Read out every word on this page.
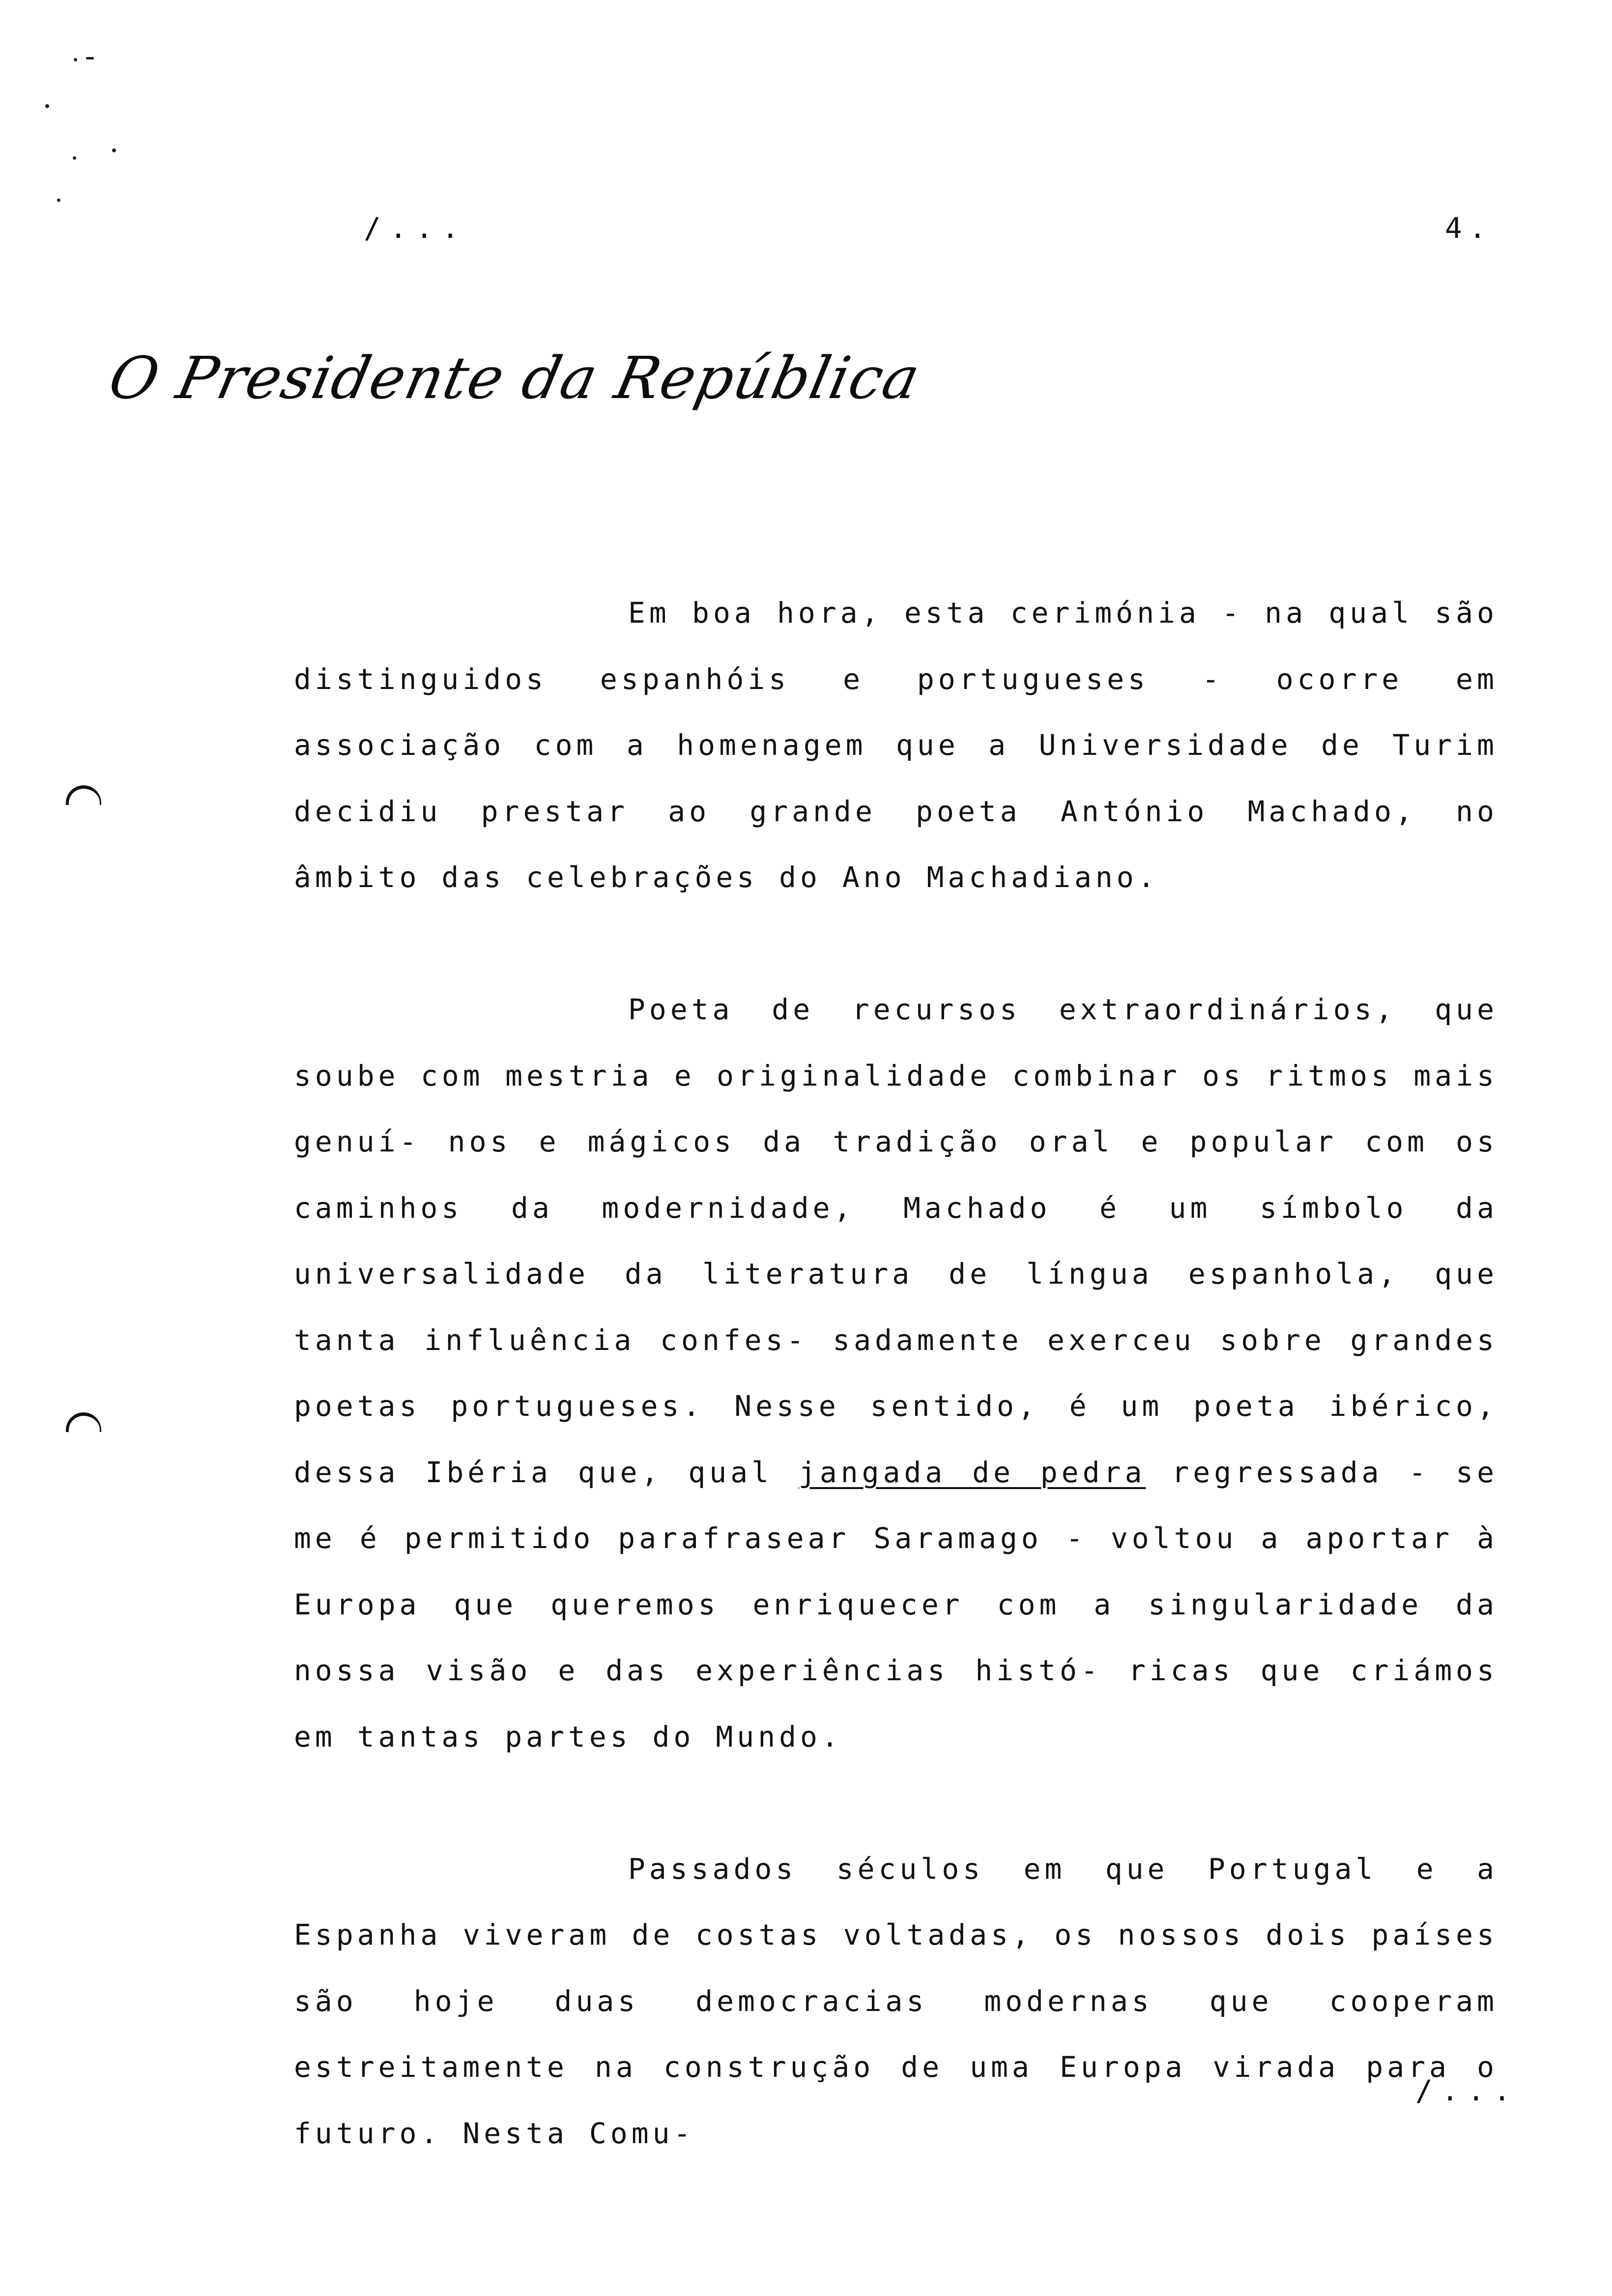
/...	4.
O Presidente da República

Em boa hora, esta cerimónia - na qual são distinguidos espanhóis e portugueses - ocorre em associação com a homenagem que a Universidade de Turim decidiu prestar ao grande poeta António Machado, no âmbito das celebrações do Ano Machadiano.

Poeta de recursos extraordinários, que soube com mestria e originalidade combinar os ritmos mais genuí- nos e mágicos da tradição oral e popular com os caminhos da modernidade, Machado é um símbolo da universalidade da literatura de língua espanhola, que tanta influência confes- sadamente exerceu sobre grandes poetas portugueses. Nesse sentido, é um poeta ibérico, dessa Ibéria que, qual jangada de pedra regressada - se me é permitido parafrasear Saramago - voltou a aportar à Europa que queremos enriquecer com a singularidade da nossa visão e das experiências histó- ricas que criámos em tantas partes do Mundo.

Passados séculos em que Portugal e a Espanha viveram de costas voltadas, os nossos dois países são hoje duas democracias modernas que cooperam estreitamente na construção de uma Europa virada para o futuro. Nesta Comu-

/...
